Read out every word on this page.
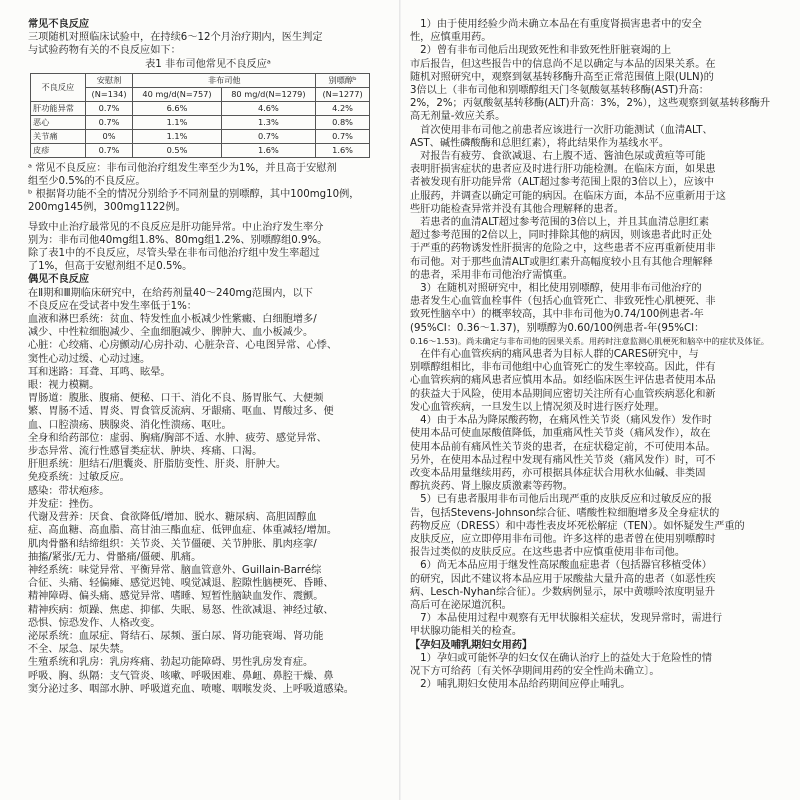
常见不良反应

三项随机对照临床试验中，在持续6～12个月治疗期内，医生判定

与试验药物有关的不良反应如下：

表1 非布司他常见不良反应ᵃ

不良反应	安慰剂	非布司他		别嘌醇ᵇ
	(N=134)	40 mg/d(N=757)	80 mg/d(N=1279)	(N=1277)
肝功能异常	0.7%	6.6%	4.6%	4.2%
恶心	0.7%	1.1%	1.3%	0.8%
关节痛	0%	1.1%	0.7%	0.7%
皮疹	0.7%	0.5%	1.6%	1.6%

ᵃ 常见不良反应：非布司他治疗组发生率至少为1%，并且高于安慰剂

组至少0.5%的不良反应。

ᵇ 根据肾功能不全的情况分别给予不同剂量的别嘌醇，其中100mg10例，

200mg145例，300mg1122例。

导致中止治疗最常见的不良反应是肝功能异常。中止治疗发生率分

别为：非布司他40mg组1.8%、80mg组1.2%、别嘌醇组0.9%。

除了表1中的不良反应，尽管头晕在非布司他治疗组中发生率超过

了1%，但高于安慰剂组不足0.5%。

偶见不良反应

在Ⅱ期和Ⅲ期临床研究中，在给药剂量40～240mg范围内，以下

不良反应在受试者中发生率低于1%：

血液和淋巴系统：贫血、特发性血小板减少性紫癜、白细胞增多/

减少、中性粒细胞减少、全血细胞减少、脾肿大、血小板减少。

心脏：心绞痛、心房颤动/心房扑动、心脏杂音、心电图异常、心悸、

窦性心动过缓、心动过速。

耳和迷路：耳聋、耳鸣、眩晕。

眼：视力模糊。

胃肠道：腹胀、腹痛、便秘、口干、消化不良、肠胃胀气、大便频

繁、胃肠不适、胃炎、胃食管反流病、牙龈痛、呕血、胃酸过多、便

血、口腔溃疡、胰腺炎、消化性溃疡、呕吐。

全身和给药部位：虚弱、胸痛/胸部不适、水肿、疲劳、感觉异常、

步态异常、流行性感冒类症状、肿块、疼痛、口渴。

肝胆系统：胆结石/胆囊炎、肝脂肪变性、肝炎、肝肿大。

免疫系统：过敏反应。

感染：带状疱疹。

并发症：挫伤。

代谢及营养：厌食、食欲降低/增加、脱水、糖尿病、高胆固醇血

症、高血糖、高血脂、高甘油三酯血症、低钾血症、体重减轻/增加。

肌肉骨骼和结缔组织：关节炎、关节僵硬、关节肿胀、肌肉痉挛/

抽搐/紧张/无力、骨骼痛/僵硬、肌痛。

神经系统：味觉异常、平衡异常、脑血管意外、Guillain-Barré综

合征、头痛、轻偏瘫、感觉迟钝、嗅觉减退、腔隙性脑梗死、昏睡、

精神障碍、偏头痛、感觉异常、嗜睡、短暂性脑缺血发作、震颤。

精神疾病：烦躁、焦虑、抑郁、失眠、易怒、性欲减退、神经过敏、

恐惧、惊恐发作、人格改变。

泌尿系统：血尿症、肾结石、尿频、蛋白尿、肾功能衰竭、肾功能

不全、尿急、尿失禁。

生殖系统和乳房：乳房疼痛、勃起功能障碍、男性乳房发育症。

呼吸、胸、纵隔：支气管炎、咳嗽、呼吸困难、鼻衄、鼻腔干燥、鼻

窦分泌过多、咽部水肿、呼吸道充血、喷嚏、咽喉发炎、上呼吸道感染。

　1）由于使用经验少尚未确立本品在有重度肾损害患者中的安全

性，应慎重用药。

　2）曾有非布司他后出现致死性和非致死性肝脏衰竭的上

市后报告，但这些报告中的信息尚不足以确定与本品的因果关系。在

随机对照研究中，观察到氨基转移酶升高至正常范围值上限(ULN)的

3倍以上（非布司他和别嘌醇组天门冬氨酸氨基转移酶(AST)升高：

2%，2%；丙氨酸氨基转移酶(ALT)升高：3%，2%），这些观察到氨基转移酶升

高无剂量-效应关系。

　首次使用非布司他之前患者应该进行一次肝功能测试（血清ALT、

AST、碱性磷酸酶和总胆红素），将此结果作为基线水平。

　对报告有疲劳、食欲减退、右上腹不适、酱油色尿或黄疸等可能

表明肝损害症状的患者应及时进行肝功能检测。在临床方面，如果患

者被发现有肝功能异常（ALT超过参考范围上限的3倍以上），应该中

止服药，并调查以确定可能的病因。在临床方面，本品不应重新用于这

些肝功能检查异常并没有其他合理解释的患者。

　若患者的血清ALT超过参考范围的3倍以上，并且其血清总胆红素

超过参考范围的2倍以上，同时排除其他的病因，则该患者此时正处

于严重的药物诱发性肝损害的危险之中，这些患者不应再重新使用非

布司他。对于那些血清ALT或胆红素升高幅度较小且有其他合理解释

的患者，采用非布司他治疗需慎重。

　3）在随机对照研究中，相比使用别嘌醇，使用非布司他治疗的

患者发生心血管血栓事件（包括心血管死亡、非致死性心肌梗死、非

致死性脑卒中）的概率较高，其中非布司他为0.74/100例患者-年

(95%CI：0.36～1.37)，别嘌醇为0.60/100例患者-年(95%CI：

0.16～1.53)。尚未确定与非布司他的因果关系。用药时注意监测心肌梗死和脑卒中的症状及体征。

　在伴有心血管疾病的痛风患者为目标人群的CARES研究中，与

别嘌醇组相比，非布司他组中心血管死亡的发生率较高。因此，伴有

心血管疾病的痛风患者应慎用本品。如经临床医生评估患者使用本品

的获益大于风险，使用本品期间应密切关注所有心血管疾病恶化和新

发心血管疾病，一旦发生以上情况须及时进行医疗处理。

　4）由于本品为降尿酸药物，在痛风性关节炎（痛风发作）发作时

使用本品可使血尿酸值降低，加重痛风性关节炎（痛风发作），故在

使用本品前有痛风性关节炎的患者，在症状稳定前，不可使用本品。

另外，在使用本品过程中发现有痛风性关节炎（痛风发作）时，可不

改变本品用量继续用药，亦可根据具体症状合用秋水仙碱、非类固

醇抗炎药、肾上腺皮质激素等药物。

　5）已有患者服用非布司他后出现严重的皮肤反应和过敏反应的报

告，包括Stevens-Johnson综合征、嗜酸性粒细胞增多及全身症状的

药物反应（DRESS）和中毒性表皮坏死松解症（TEN）。如怀疑发生严重的

皮肤反应，应立即停用非布司他。许多这样的患者曾在使用别嘌醇时

报告过类似的皮肤反应。在这些患者中应慎重使用非布司他。

　6）尚无本品应用于继发性高尿酸血症患者（包括器官移植受体）

的研究，因此不建议将本品应用于尿酸盐大量升高的患者（如恶性疾

病、Lesch-Nyhan综合征）。少数病例显示，尿中黄嘌呤浓度明显升

高后可在泌尿道沉积。

　7）本品使用过程中观察有无甲状腺相关症状，发现异常时，需进行

甲状腺功能相关的检查。

【孕妇及哺乳期妇女用药】

　1）孕妇或可能怀孕的妇女仅在确认治疗上的益处大于危险性的情

况下方可给药〔有关怀孕期间用药的安全性尚未确立〕。

　2）哺乳期妇女使用本品给药期间应停止哺乳。
